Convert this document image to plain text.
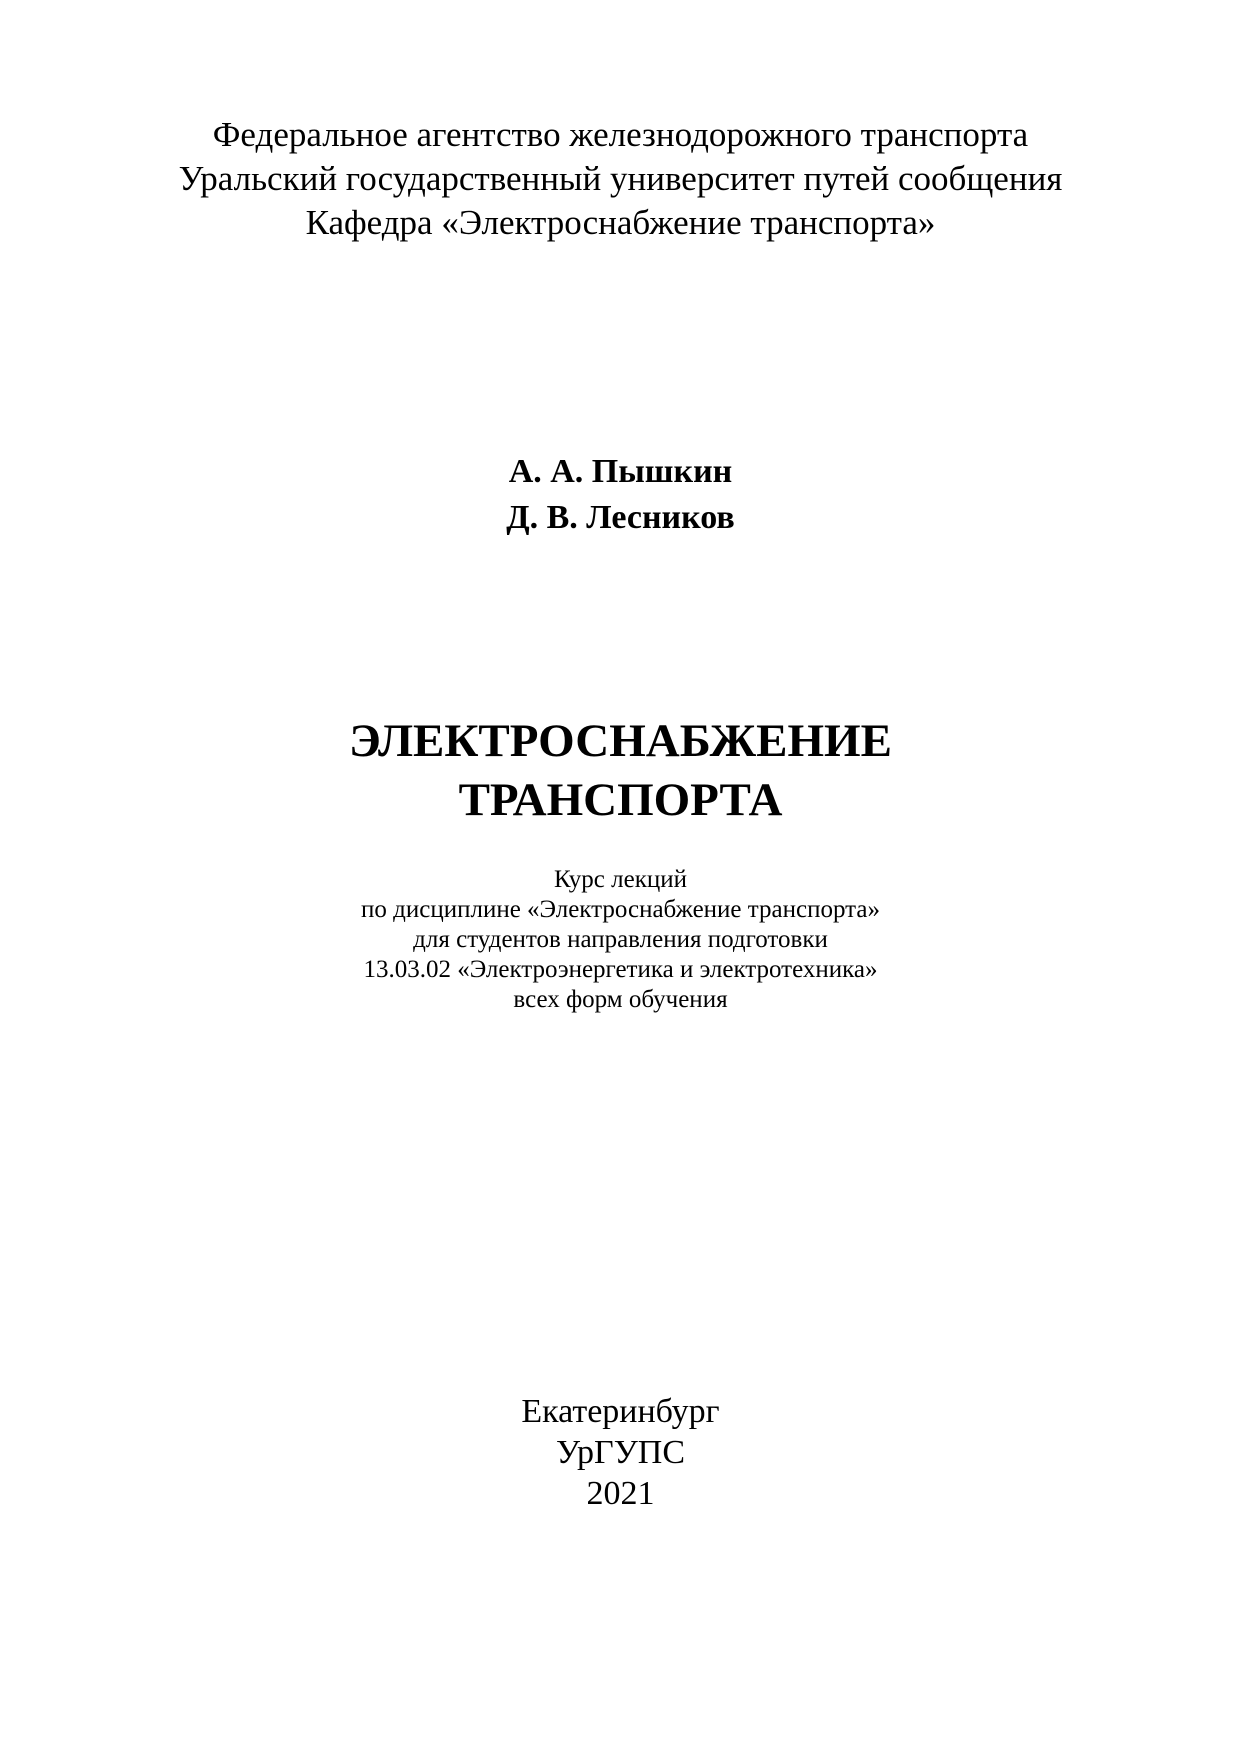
Федеральное агентство железнодорожного транспорта
Уральский государственный университет путей сообщения
Кафедра «Электроснабжение транспорта»
А. А. Пышкин
Д. В. Лесников
ЭЛЕКТРОСНАБЖЕНИЕ
ТРАНСПОРТА
Курс лекций
по дисциплине «Электроснабжение транспорта»
для студентов направления подготовки
13.03.02 «Электроэнергетика и электротехника»
всех форм обучения
Екатеринбург
УрГУПС
2021
